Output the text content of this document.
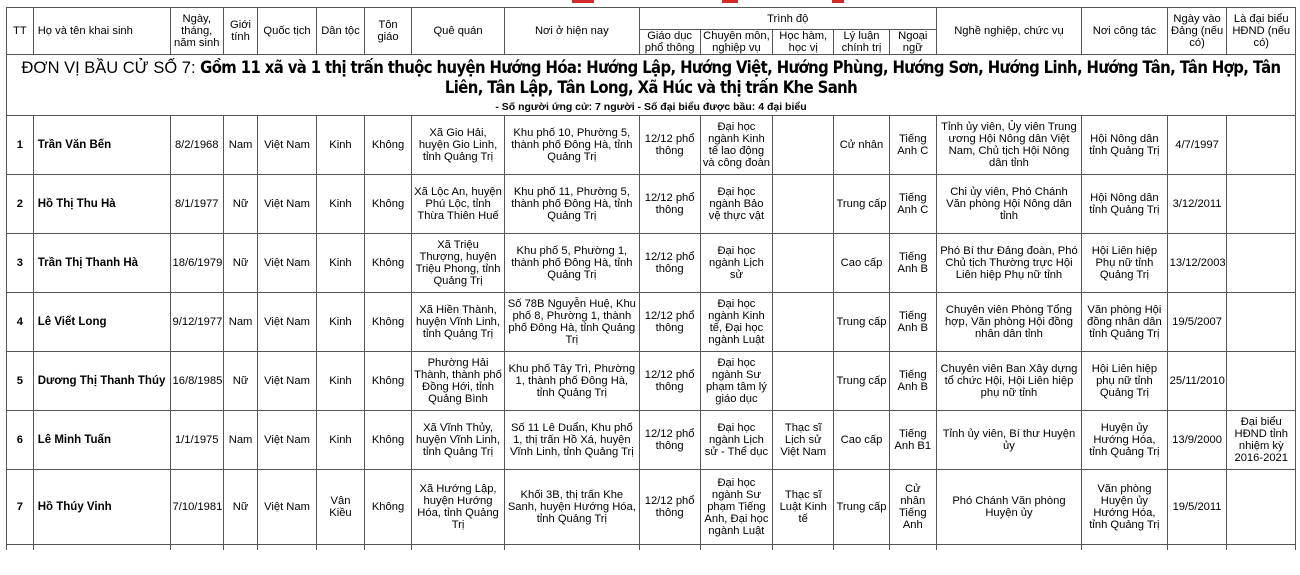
TT	Họ và tên khai sinh	Ngày, tháng, năm sinh	Giới tính	Quốc tịch	Dân tộc	Tôn giáo	Quê quán	Nơi ở hiện nay	Trình độ					Nghề nghiệp, chức vụ	Nơi công tác	Ngày vào Đảng (nếu có)	Là đại biểu HĐND (nếu có)
									Giáo dục phổ thông	Chuyên môn, nghiệp vụ	Học hàm, học vị	Lý luận chính trị	Ngoại ngữ				
ĐƠN VỊ BẦU CỬ SỐ 7: Gồm 11 xã và 1 thị trấn thuộc huyện Hướng Hóa: Hướng Lập, Hướng Việt, Hướng Phùng, Hướng Sơn, Hướng Linh, Hướng Tân, Tân Hợp, Tân Liên, Tân Lập, Tân Long, Xã Húc và thị trấn Khe Sanh																	
- Số người ứng cử: 7 người - Số đại biểu được bầu: 4 đại biểu																	
1	Trần Văn Bến	8/2/1968	Nam	Việt Nam	Kinh	Không	Xã Gio Hải, huyện Gio Linh, tỉnh Quảng Trị	Khu phố 10, Phường 5, thành phố Đông Hà, tỉnh Quảng Trị	12/12 phổ thông	Đại học ngành Kinh tế lao động và công đoàn		Cử nhân	Tiếng Anh C	Tỉnh ủy viên, Ủy viên Trung ương Hội Nông dân Việt Nam, Chủ tịch Hội Nông dân tỉnh	Hội Nông dân tỉnh Quảng Trị	4/7/1997	
2	Hồ Thị Thu Hà	8/1/1977	Nữ	Việt Nam	Kinh	Không	Xã Lộc An, huyện Phú Lộc, tỉnh Thừa Thiên Huế	Khu phố 11, Phường 5, thành phố Đông Hà, tỉnh Quảng Trị	12/12 phổ thông	Đại học ngành Bảo vệ thực vật		Trung cấp	Tiếng Anh C	Chi ủy viên, Phó Chánh Văn phòng Hội Nông dân tỉnh	Hội Nông dân tỉnh Quảng Trị	3/12/2011	
3	Trần Thị Thanh Hà	18/6/1979	Nữ	Việt Nam	Kinh	Không	Xã Triệu Thượng, huyện Triệu Phong, tỉnh Quảng Trị	Khu phố 5, Phường 1, thành phố Đông Hà, tỉnh Quảng Trị	12/12 phổ thông	Đại học ngành Lịch sử		Cao cấp	Tiếng Anh B	Phó Bí thư Đảng đoàn, Phó Chủ tịch Thường trực Hội Liên hiệp Phụ nữ tỉnh	Hội Liên hiệp Phụ nữ tỉnh Quảng Trị	13/12/2003	
4	Lê Viết Long	9/12/1977	Nam	Việt Nam	Kinh	Không	Xã Hiền Thành, huyện Vĩnh Linh, tỉnh Quảng Trị	Số 78B Nguyễn Huệ, Khu phố 8, Phường 1, thành phố Đông Hà, tỉnh Quảng Trị	12/12 phổ thông	Đại học ngành Kinh tế, Đại học ngành Luật		Trung cấp	Tiếng Anh B	Chuyên viên Phòng Tổng hợp, Văn phòng Hội đồng nhân dân tỉnh	Văn phòng Hội đồng nhân dân tỉnh Quảng Trị	19/5/2007	
5	Dương Thị Thanh Thúy	16/8/1985	Nữ	Việt Nam	Kinh	Không	Phường Hải Thành, thành phố Đồng Hới, tỉnh Quảng Bình	Khu phố Tây Trì, Phường 1, thành phố Đông Hà, tỉnh Quảng Trị	12/12 phổ thông	Đại học ngành Sư phạm tâm lý giáo dục		Trung cấp	Tiếng Anh B	Chuyên viên Ban Xây dựng tổ chức Hội, Hội Liên hiệp phụ nữ tỉnh	Hội Liên hiệp phụ nữ tỉnh Quảng Trị	25/11/2010	
6	Lê Minh Tuấn	1/1/1975	Nam	Việt Nam	Kinh	Không	Xã Vĩnh Thủy, huyện Vĩnh Linh, tỉnh Quảng Trị	Số 11 Lê Duẩn, Khu phố 1, thị trấn Hồ Xá, huyện Vĩnh Linh, tỉnh Quảng Trị	12/12 phổ thông	Đại học ngành Lịch sử - Thể dục	Thạc sĩ Lịch sử Việt Nam	Cao cấp	Tiếng Anh B1	Tỉnh ủy viên, Bí thư Huyện ủy	Huyện ủy Hướng Hóa, tỉnh Quảng Trị	13/9/2000	Đại biểu HĐND tỉnh nhiệm kỳ 2016-2021
7	Hồ Thúy Vinh	7/10/1981	Nữ	Việt Nam	Vân Kiều	Không	Xã Hướng Lập, huyện Hướng Hóa, tỉnh Quảng Trị	Khối 3B, thị trấn Khe Sanh, huyện Hướng Hóa, tỉnh Quảng Trị	12/12 phổ thông	Đại học ngành Sư phạm Tiếng Anh, Đại học ngành Luật	Thạc sĩ Luật Kinh tế	Trung cấp	Cử nhân Tiếng Anh	Phó Chánh Văn phòng Huyện ủy	Văn phòng Huyện ủy Hướng Hóa, tỉnh Quảng Trị	19/5/2011	
